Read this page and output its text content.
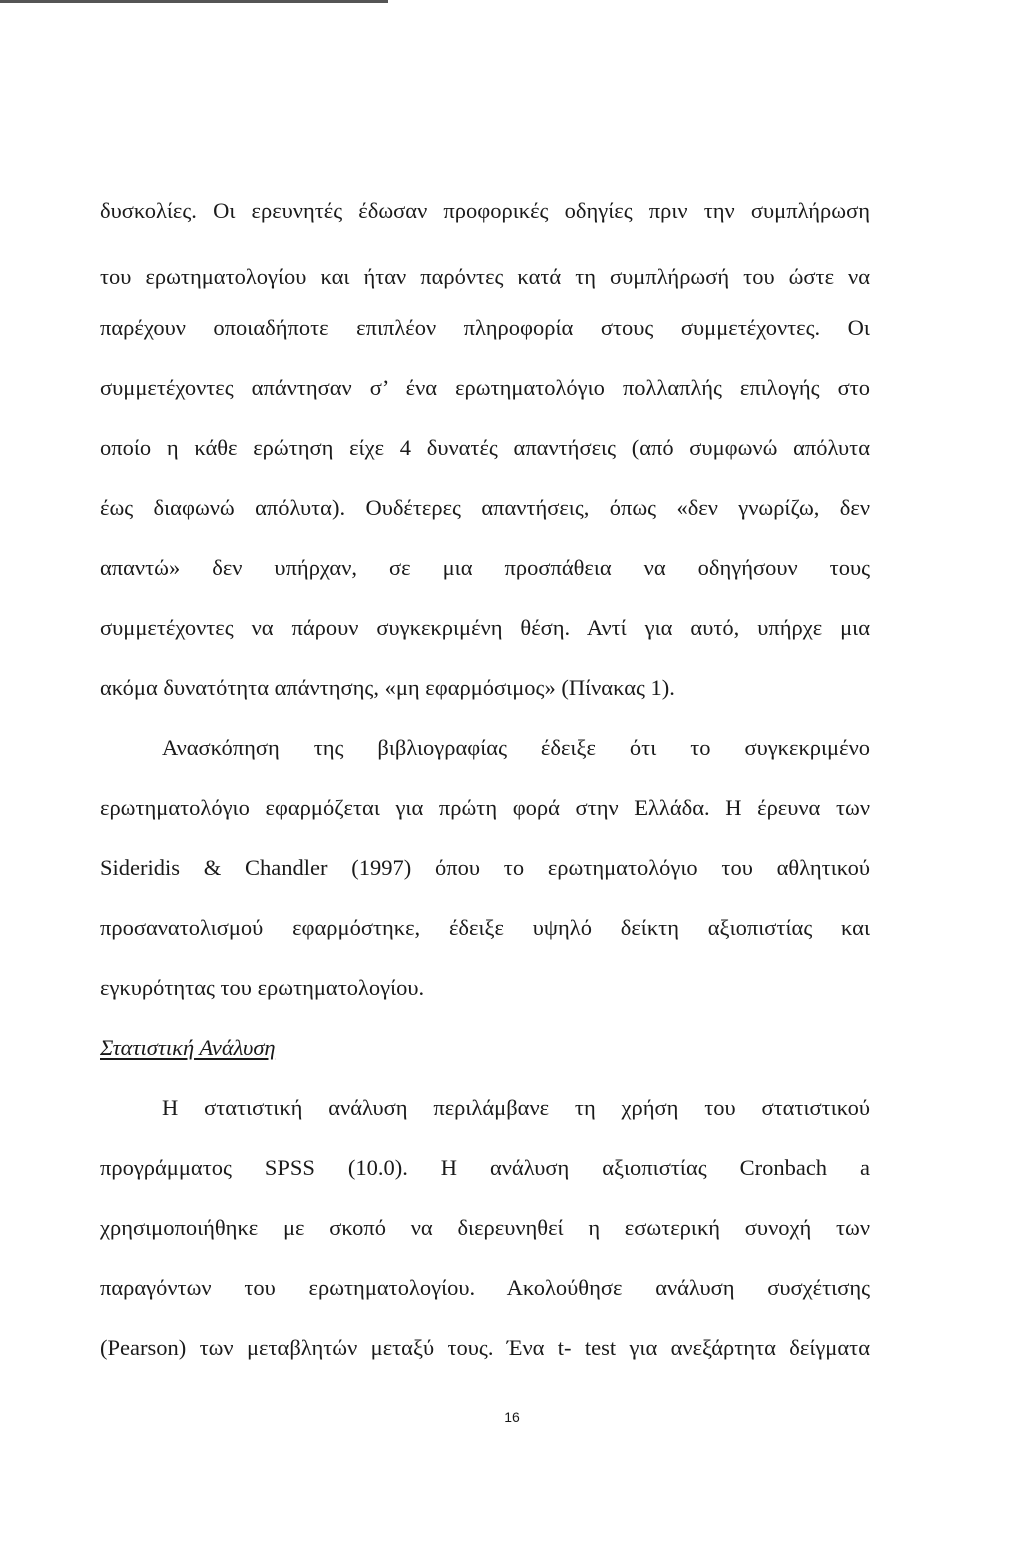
δυσκολίες. Οι ερευνητές έδωσαν προφορικές οδηγίες πριν την συμπλήρωση
του ερωτηματολογίου και ήταν παρόντες κατά τη συμπλήρωσή του ώστε να
παρέχουν οποιαδήποτε επιπλέον πληροφορία στους συμμετέχοντες. Οι
συμμετέχοντες απάντησαν σ’ ένα ερωτηματολόγιο πολλαπλής επιλογής στο
οποίο η κάθε ερώτηση είχε 4 δυνατές απαντήσεις (από συμφωνώ απόλυτα
έως διαφωνώ απόλυτα). Ουδέτερες απαντήσεις, όπως «δεν γνωρίζω, δεν
απαντώ» δεν υπήρχαν, σε μια προσπάθεια να οδηγήσουν τους
συμμετέχοντες να πάρουν συγκεκριμένη θέση. Αντί για αυτό, υπήρχε μια
ακόμα δυνατότητα απάντησης, «μη εφαρμόσιμος» (Πίνακας 1).
Ανασκόπηση της βιβλιογραφίας έδειξε ότι το συγκεκριμένο
ερωτηματολόγιο εφαρμόζεται για πρώτη φορά στην Ελλάδα. Η έρευνα των
Sideridis & Chandler (1997) όπου το ερωτηματολόγιο του αθλητικού
προσανατολισμού εφαρμόστηκε, έδειξε υψηλό δείκτη αξιοπιστίας και
εγκυρότητας του ερωτηματολογίου.
Στατιστική Ανάλυση
Η στατιστική ανάλυση περιλάμβανε τη χρήση του στατιστικού
προγράμματος SPSS (10.0). Η ανάλυση αξιοπιστίας Cronbach a
χρησιμοποιήθηκε με σκοπό να διερευνηθεί η εσωτερική συνοχή των
παραγόντων του ερωτηματολογίου. Ακολούθησε ανάλυση συσχέτισης
(Pearson) των μεταβλητών μεταξύ τους. Ένα t- test για ανεξάρτητα δείγματα
16
